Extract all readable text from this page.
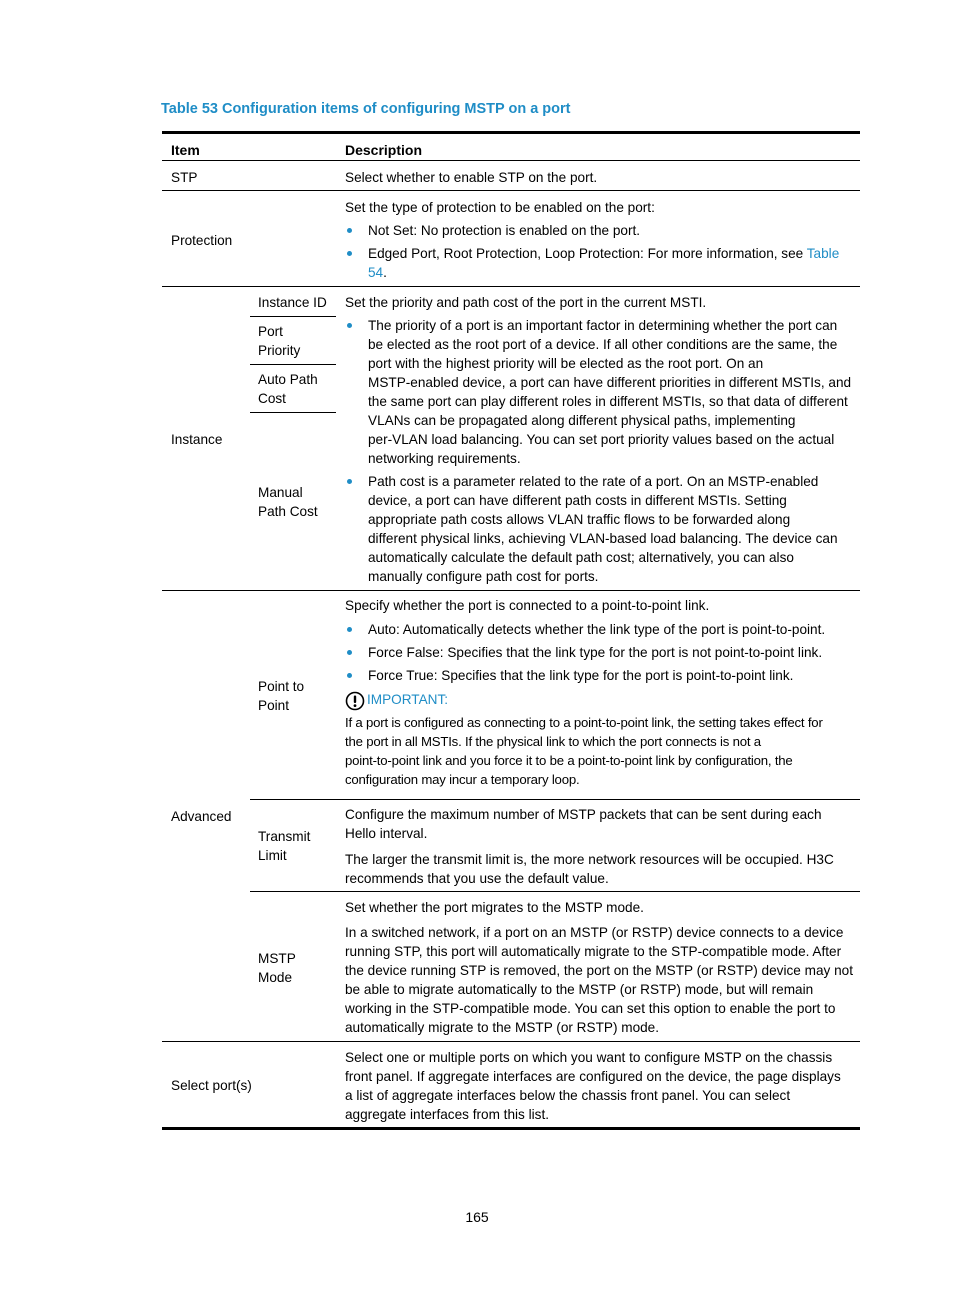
Table 53 Configuration items of configuring MSTP on a port
Item	Description
STP	Select whether to enable STP on the port.
Protection

Set the type of protection to be enabled on the port:

Not Set: No protection is enabled on the port.
Edged Port, Root Protection, Loop Protection: For more information, see Table
54.
Instance
Instance ID
Port
Priority
Auto Path
Cost
Manual
Path Cost

Set the priority and path cost of the port in the current MSTI.

The priority of a port is an important factor in determining whether the port can
be elected as the root port of a device. If all other conditions are the same, the
port with the highest priority will be elected as the root port. On an
MSTP-enabled device, a port can have different priorities in different MSTIs, and
the same port can play different roles in different MSTIs, so that data of different
VLANs can be propagated along different physical paths, implementing
per-VLAN load balancing. You can set port priority values based on the actual
networking requirements.
Path cost is a parameter related to the rate of a port. On an MSTP-enabled
device, a port can have different path costs in different MSTIs. Setting
appropriate path costs allows VLAN traffic flows to be forwarded along
different physical links, achieving VLAN-based load balancing. The device can
automatically calculate the default path cost; alternatively, you can also
manually configure path cost for ports.
Advanced
Point to
Point

Specify whether the port is connected to a point-to-point link.

Auto: Automatically detects whether the link type of the port is point-to-point.
Force False: Specifies that the link type for the port is not point-to-point link.
Force True: Specifies that the link type for the port is point-to-point link.
IMPORTANT:

If a port is configured as connecting to a point-to-point link, the setting takes effect for
the port in all MSTIs. If the physical link to which the port connects is not a
point-to-point link and you force it to be a point-to-point link by configuration, the
configuration may incur a temporary loop.

Transmit
Limit

Configure the maximum number of MSTP packets that can be sent during each
Hello interval.

The larger the transmit limit is, the more network resources will be occupied. H3C
recommends that you use the default value.

MSTP
Mode

Set whether the port migrates to the MSTP mode.

In a switched network, if a port on an MSTP (or RSTP) device connects to a device
running STP, this port will automatically migrate to the STP-compatible mode. After
the device running STP is removed, the port on the MSTP (or RSTP) device may not
be able to migrate automatically to the MSTP (or RSTP) mode, but will remain
working in the STP-compatible mode. You can set this option to enable the port to
automatically migrate to the MSTP (or RSTP) mode.

Select port(s)
Select one or multiple ports on which you want to configure MSTP on the chassis
front panel. If aggregate interfaces are configured on the device, the page displays
a list of aggregate interfaces below the chassis front panel. You can select
aggregate interfaces from this list.
165
